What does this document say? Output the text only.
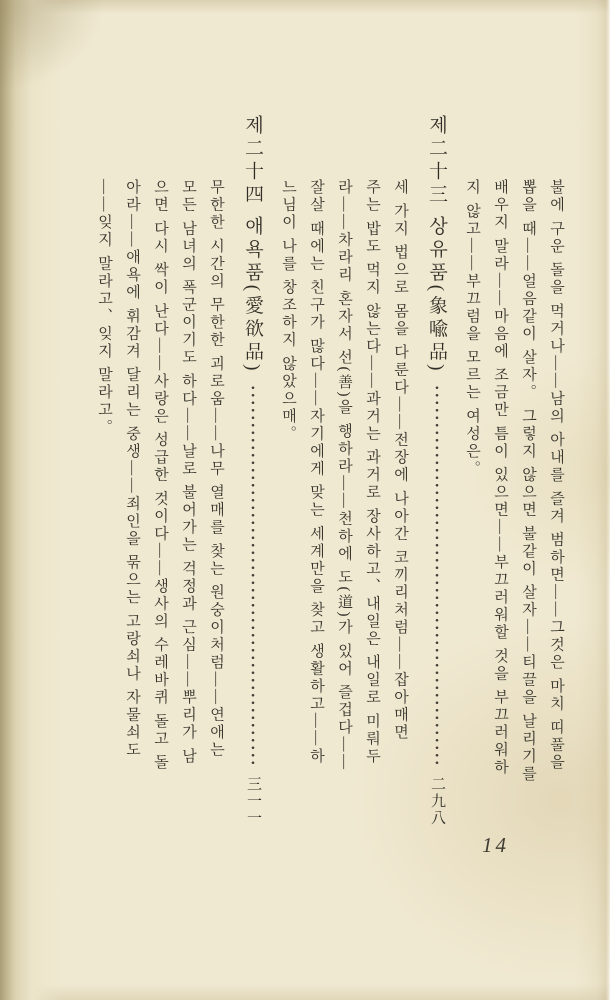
불에 구운 돌을 먹거나——남의 아내를 즐겨 범하면——그것은 마치 띠풀을
뽑을 때——얼음같이 살자。 그렇지 않으면 불같이 살자——티끌을 날리기를
배우지 말라——마음에 조금만 틈이 있으면——부끄러워할 것을 부끄러워하
지 않고——부끄럼을 모르는 여성은。
제二十三 상유품(象喩品)
二九八
세 가지 법으로 몸을 다룬다——전장에 나아간 코끼리처럼——잡아매면
주는 밥도 먹지 않는다——과거는 과거로 장사하고、내일은 내일로 미뤄두
라——차라리 혼자서 선(善)을 행하라——천하에 도(道)가 있어 즐겁다——
잘살 때에는 친구가 많다——자기에게 맞는 세계만을 찾고 생활하고——하
느님이 나를 창조하지 않았으매。
제二十四 애욕품(愛欲品)
三一一
무한한 시간의 무한한 괴로움——나무 열매를 찾는 원숭이처럼——연애는
모든 남녀의 폭군이기도 하다——날로 불어가는 걱정과 근심——뿌리가 남
으면 다시 싹이 난다——사랑은 성급한 것이다——생사의 수레바퀴 돌고 돌
아라——애욕에 휘감겨 달리는 중생——죄인을 묶으는 고랑쇠나 자물쇠도
——잊지 말라고、잊지 말라고。
14
